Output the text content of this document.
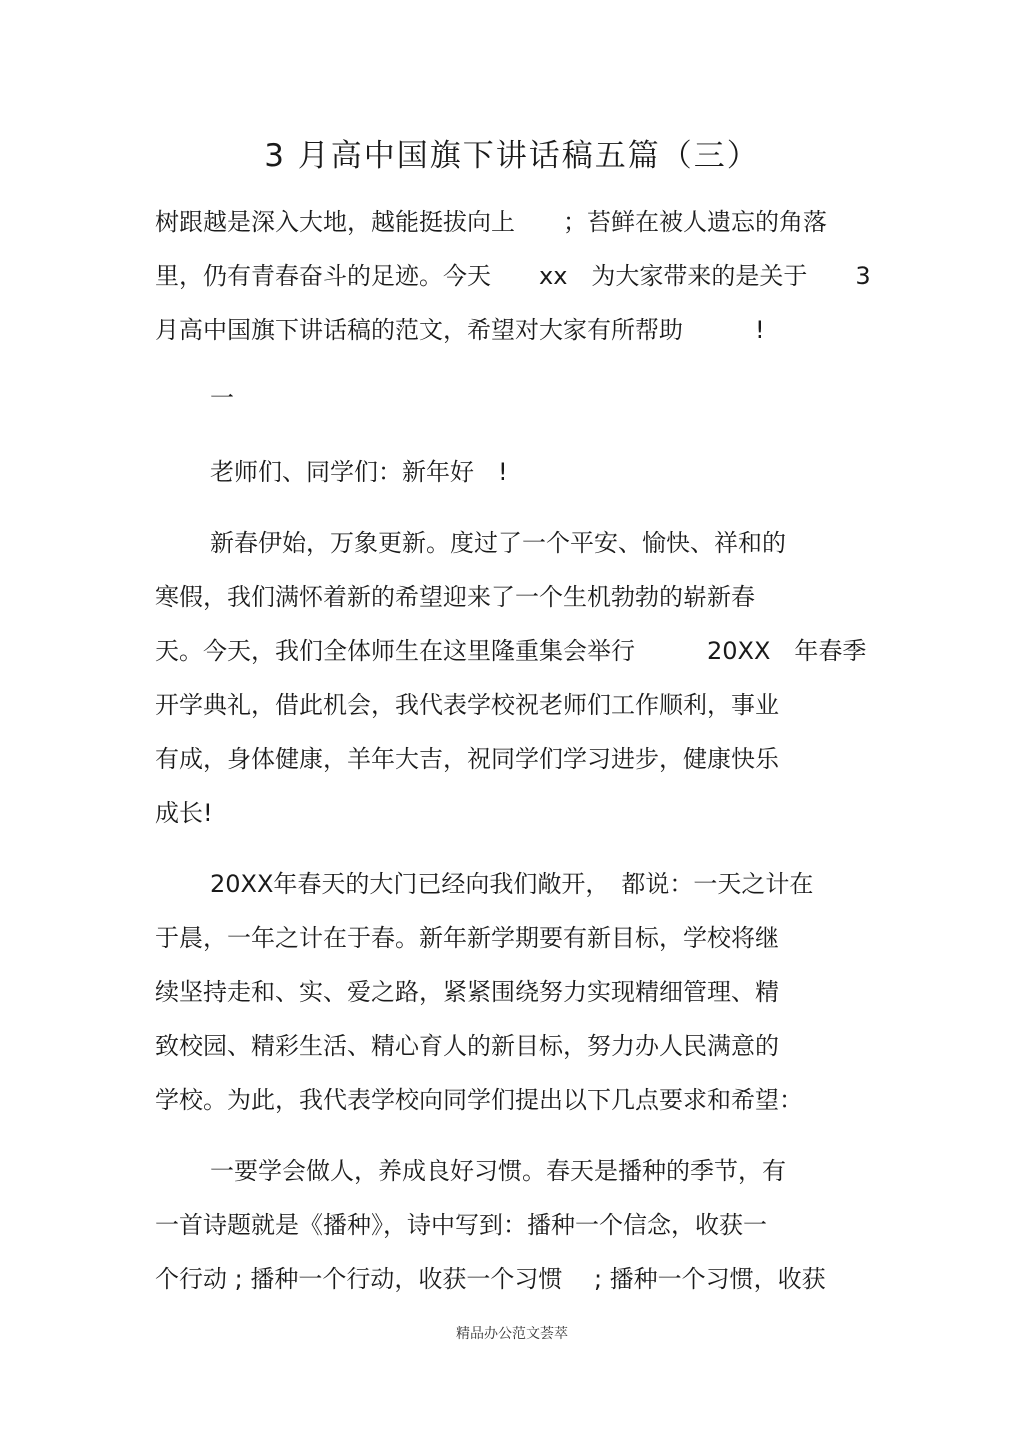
3 月高中国旗下讲话稿五篇（三）

树跟越是深入大地，越能挺拔向上　　；苔鲜在被人遗忘的角落

里，仍有青春奋斗的足迹。今天　　xx　为大家带来的是关于　　3

月高中国旗下讲话稿的范文，希望对大家有所帮助　　　!

一

老师们、同学们：新年好　!

新春伊始，万象更新。度过了一个平安、愉快、祥和的

寒假，我们满怀着新的希望迎来了一个生机勃勃的崭新春

天。今天，我们全体师生在这里隆重集会举行　　　20XX　年春季

开学典礼，借此机会，我代表学校祝老师们工作顺利，事业

有成，身体健康，羊年大吉，祝同学们学习进步，健康快乐

成长!

20XX年春天的大门已经向我们敞开，　都说：一天之计在

于晨，一年之计在于春。新年新学期要有新目标，学校将继

续坚持走和、实、爱之路，紧紧围绕努力实现精细管理、精

致校园、精彩生活、精心育人的新目标，努力办人民满意的

学校。为此，我代表学校向同学们提出以下几点要求和希望：

一要学会做人，养成良好习惯。春天是播种的季节，有

一首诗题就是《播种》，诗中写到：播种一个信念，收获一

个行动 ; 播种一个行动，收获一个习惯　 ; 播种一个习惯，收获

精品办公范文荟萃
